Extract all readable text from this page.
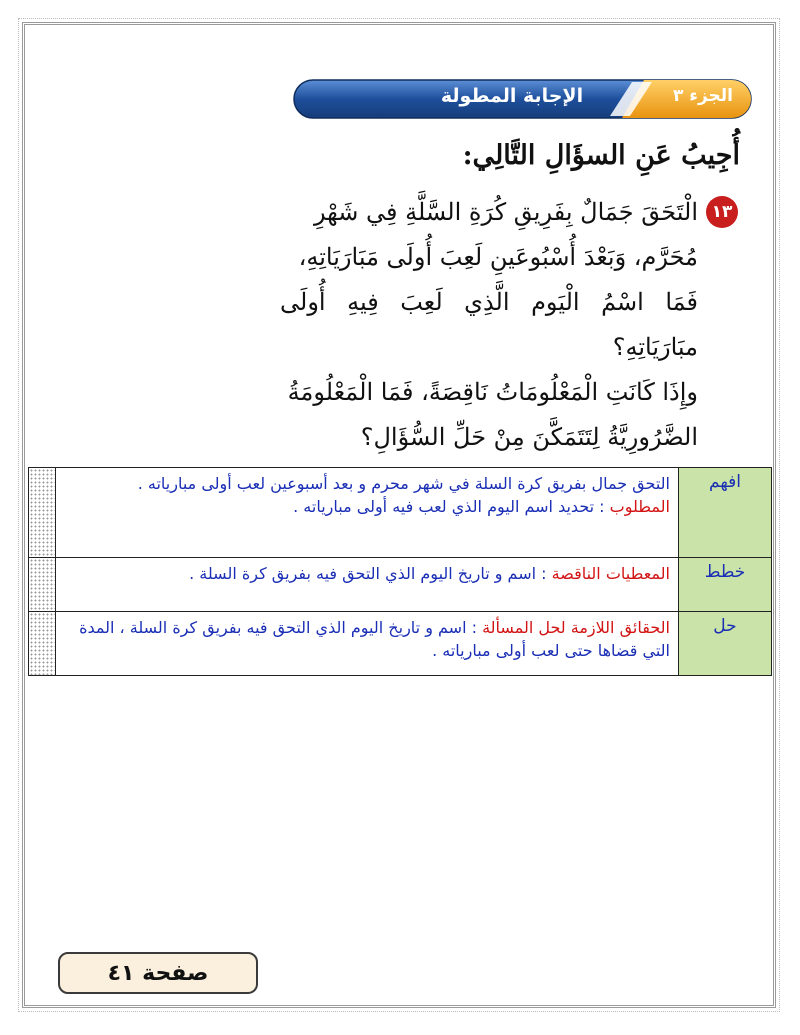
الجزء ٣
الإجابة المطولة
أُجِيبُ عَنِ السؤَالِ التَّالِي:
١٣
الْتَحَقَ جَمَالٌ بِفَرِيقِ كُرَةِ السَّلَّةِ فِي شَهْرِ
مُحَرَّم، وَبَعْدَ أُسْبُوعَينِ لَعِبَ أُولَى مَبَارَيَاتِهِ،
فَمَا اسْمُ الْيَوم الَّذِي لَعِبَ فِيهِ أُولَى مبَارَيَاتِهِ؟
وإِذَا كَانَتِ الْمَعْلُومَاتُ نَاقِصَةً، فَمَا الْمَعْلُومَةُ
الضَّرُورِيَّةُ لِتَتَمَكَّنَ مِنْ حَلِّ السُّؤَالِ؟
افهم	التحق جمال بفريق كرة السلة في شهر محرم و بعد أسبوعين لعب أولى مبارياته .
المطلوب : تحديد اسم اليوم الذي لعب فيه أولى مبارياته .	
خطط	المعطيات الناقصة : اسم و تاريخ اليوم الذي التحق فيه بفريق كرة السلة .	
حل	الحقائق اللازمة لحل المسألة : اسم و تاريخ اليوم الذي التحق فيه بفريق كرة السلة ، المدة التي قضاها حتى لعب أولى مبارياته .	
صفحة ٤١
